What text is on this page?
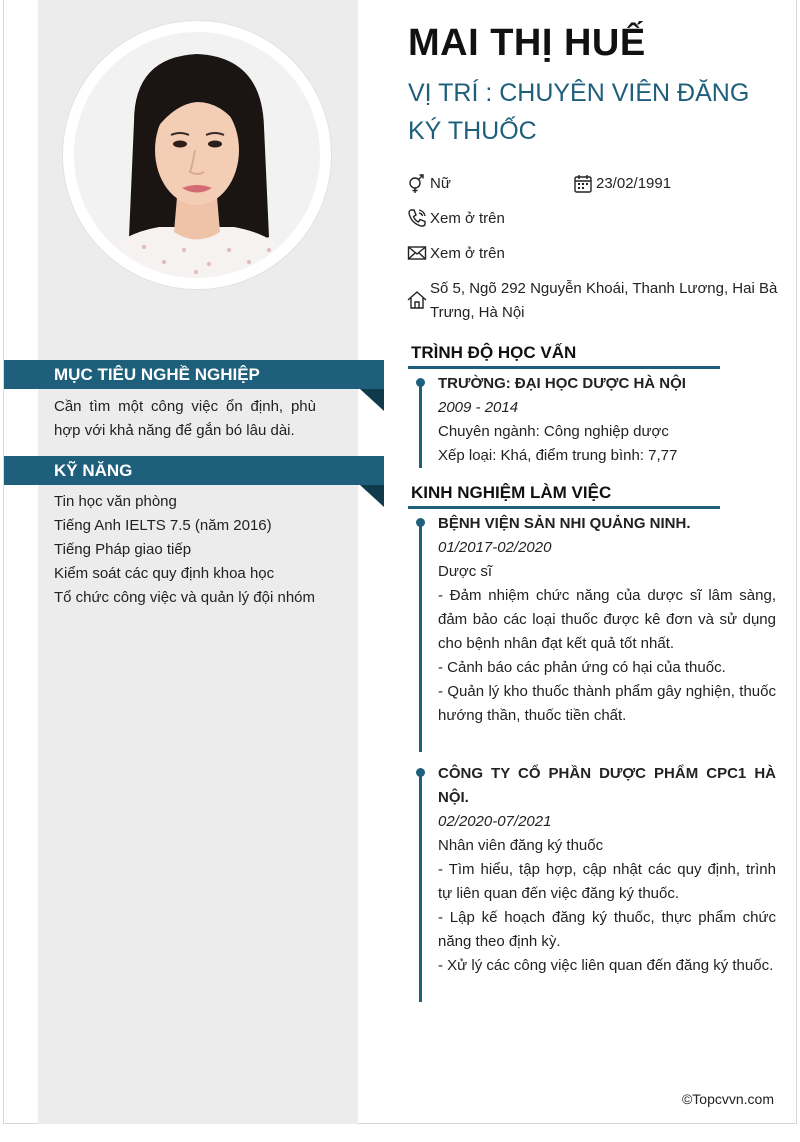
MỤC TIÊU NGHỀ NGHIỆP
Cần tìm một công việc ổn định, phù hợp với khả năng để gắn bó lâu dài.
KỸ NĂNG
Tin học văn phòng
Tiếng Anh IELTS 7.5 (năm 2016)
Tiếng Pháp giao tiếp
Kiểm soát các quy định khoa học
Tổ chức công việc và quản lý đội nhóm
MAI THỊ HUẾ
VỊ TRÍ : CHUYÊN VIÊN ĐĂNG KÝ THUỐC
Nữ	23/02/1991
Xem ở trên
Xem ở trên
Số 5, Ngõ 292 Nguyễn Khoái, Thanh Lương, Hai Bà Trưng, Hà Nội
TRÌNH ĐỘ HỌC VẤN
TRƯỜNG: ĐẠI HỌC DƯỢC HÀ NỘI
2009 - 2014
Chuyên ngành: Công nghiệp dược
Xếp loại: Khá, điểm trung bình: 7,77
KINH NGHIỆM LÀM VIỆC
BỆNH VIỆN SẢN NHI QUẢNG NINH.
01/2017-02/2020
Dược sĩ
- Đảm nhiệm chức năng của dược sĩ lâm sàng, đảm bảo các loại thuốc được kê đơn và sử dụng cho bệnh nhân đạt kết quả tốt nhất.
- Cảnh báo các phản ứng có hại của thuốc.
- Quản lý kho thuốc thành phẩm gây nghiện, thuốc hướng thần, thuốc tiền chất.
CÔNG TY CỔ PHẦN DƯỢC PHẨM CPC1 HÀ NỘI.
02/2020-07/2021
Nhân viên đăng ký thuốc
- Tìm hiểu, tập hợp, cập nhật các quy định, trình tự liên quan đến việc đăng ký thuốc.
- Lập kế hoạch đăng ký thuốc, thực phẩm chức năng theo định kỳ.
- Xử lý các công việc liên quan đến đăng ký thuốc.
©Topcvvn.com
